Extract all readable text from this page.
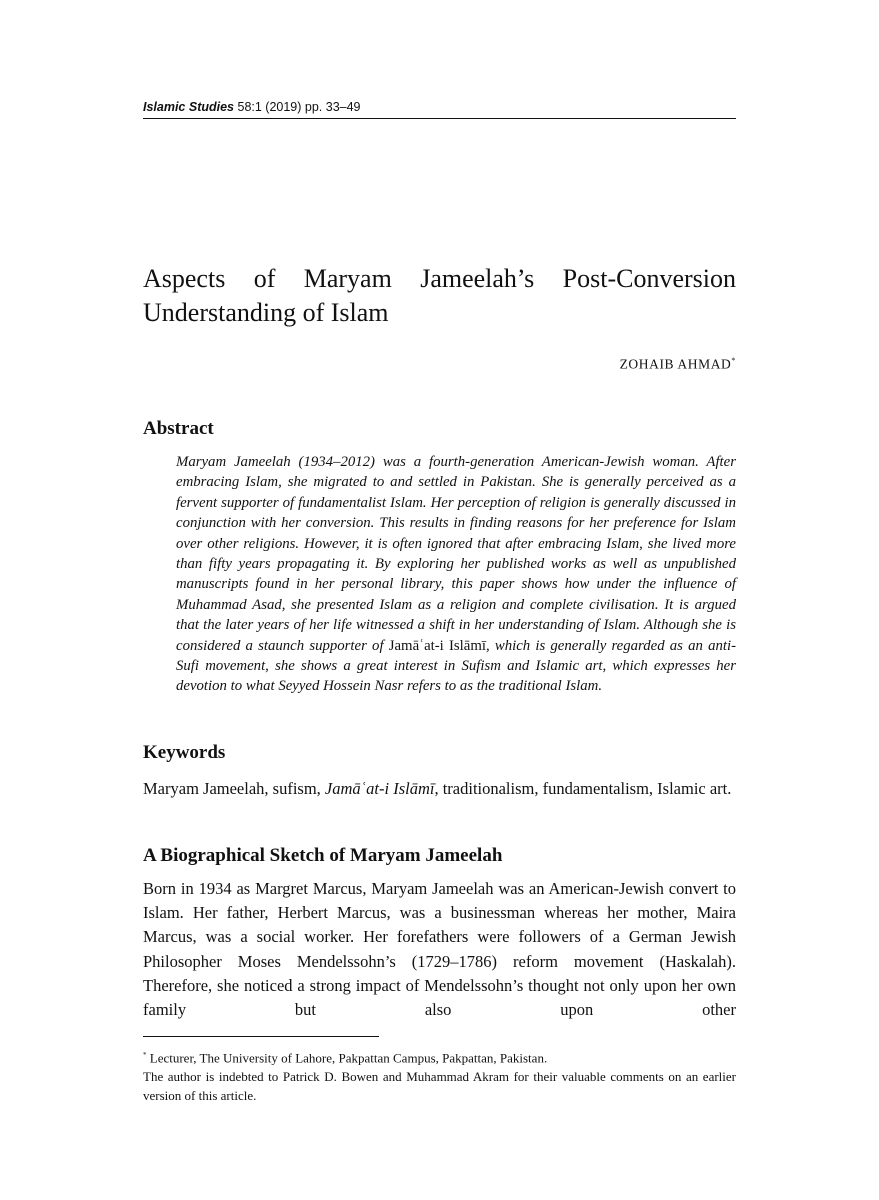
Islamic Studies 58:1 (2019) pp. 33–49
Aspects of Maryam Jameelah’s Post-Conversion
Understanding of Islam
ZOHAIB AHMAD*
Abstract

Maryam Jameelah (1934–2012) was a fourth-generation American-Jewish woman. After embracing Islam, she migrated to and settled in Pakistan. She is generally perceived as a fervent supporter of fundamentalist Islam. Her perception of religion is generally discussed in conjunction with her conversion. This results in finding reasons for her preference for Islam over other religions. However, it is often ignored that after embracing Islam, she lived more than fifty years propagating it. By exploring her published works as well as unpublished manuscripts found in her personal library, this paper shows how under the influence of Muhammad Asad, she presented Islam as a religion and complete civilisation. It is argued that the later years of her life witnessed a shift in her understanding of Islam. Although she is considered a staunch supporter of Jamāʿat-i Islāmī, which is generally regarded as an anti-Sufi movement, she shows a great interest in Sufism and Islamic art, which expresses her devotion to what Seyyed Hossein Nasr refers to as the traditional Islam.

Keywords

Maryam Jameelah, sufism, Jamāʿat-i Islāmī, traditionalism, fundamentalism, Islamic art.

A Biographical Sketch of Maryam Jameelah

Born in 1934 as Margret Marcus, Maryam Jameelah was an American-Jewish convert to Islam. Her father, Herbert Marcus, was a businessman whereas her mother, Maira Marcus, was a social worker. Her forefathers were followers of a German Jewish Philosopher Moses Mendelssohn’s (1729–1786) reform movement (Haskalah). Therefore, she noticed a strong impact of Mendelssohn’s thought not only upon her own family but also upon other

* Lecturer, The University of Lahore, Pakpattan Campus, Pakpattan, Pakistan.
The author is indebted to Patrick D. Bowen and Muhammad Akram for their valuable comments on an earlier version of this article.
